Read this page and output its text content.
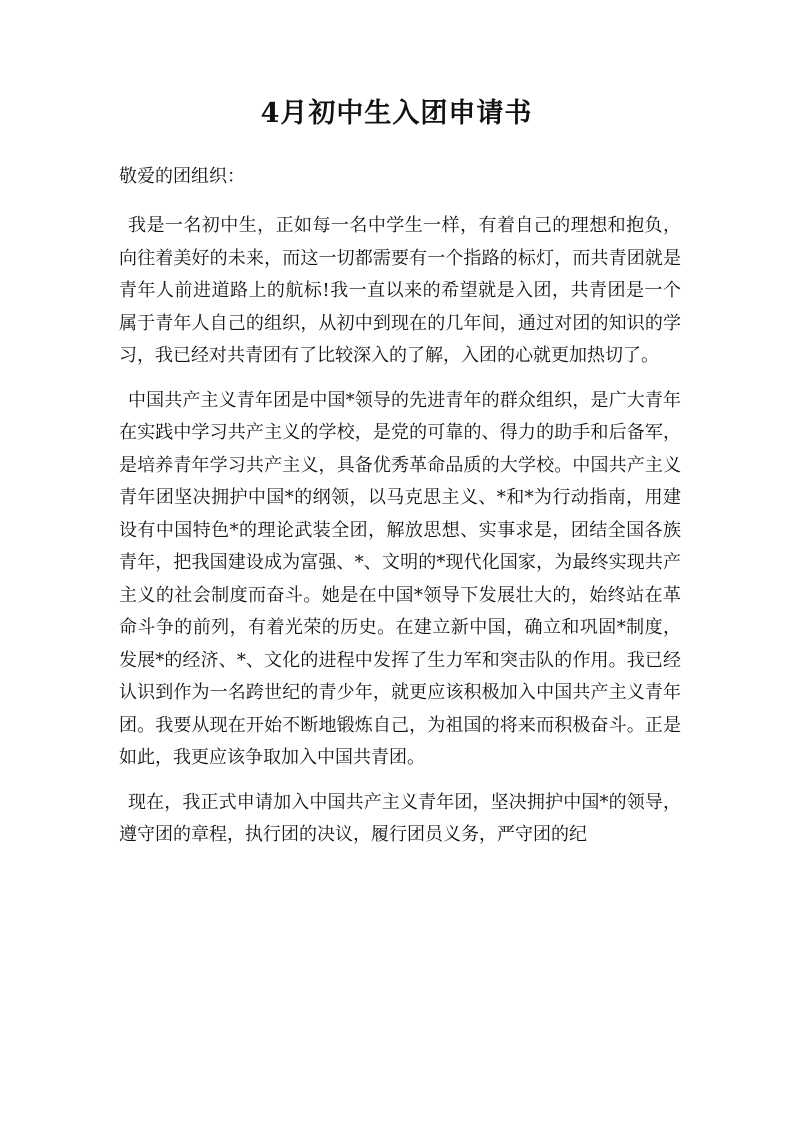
4月初中生入团申请书

敬爱的团组织：

我是一名初中生，正如每一名中学生一样，有着自己的理想和抱负，向往着美好的未来，而这一切都需要有一个指路的标灯，而共青团就是青年人前进道路上的航标!我一直以来的希望就是入团，共青团是一个属于青年人自己的组织，从初中到现在的几年间，通过对团的知识的学习，我已经对共青团有了比较深入的了解，入团的心就更加热切了。

中国共产主义青年团是中国*领导的先进青年的群众组织，是广大青年在实践中学习共产主义的学校，是党的可靠的、得力的助手和后备军，是培养青年学习共产主义，具备优秀革命品质的大学校。中国共产主义青年团坚决拥护中国*的纲领，以马克思主义、*和*为行动指南，用建设有中国特色*的理论武装全团，解放思想、实事求是，团结全国各族青年，把我国建设成为富强、*、文明的*现代化国家，为最终实现共产主义的社会制度而奋斗。她是在中国*领导下发展壮大的，始终站在革命斗争的前列，有着光荣的历史。在建立新中国，确立和巩固*制度，发展*的经济、*、文化的进程中发挥了生力军和突击队的作用。我已经认识到作为一名跨世纪的青少年，就更应该积极加入中国共产主义青年团。我要从现在开始不断地锻炼自己，为祖国的将来而积极奋斗。正是如此，我更应该争取加入中国共青团。

现在，我正式申请加入中国共产主义青年团，坚决拥护中国*的领导，遵守团的章程，执行团的决议，履行团员义务，严守团的纪
